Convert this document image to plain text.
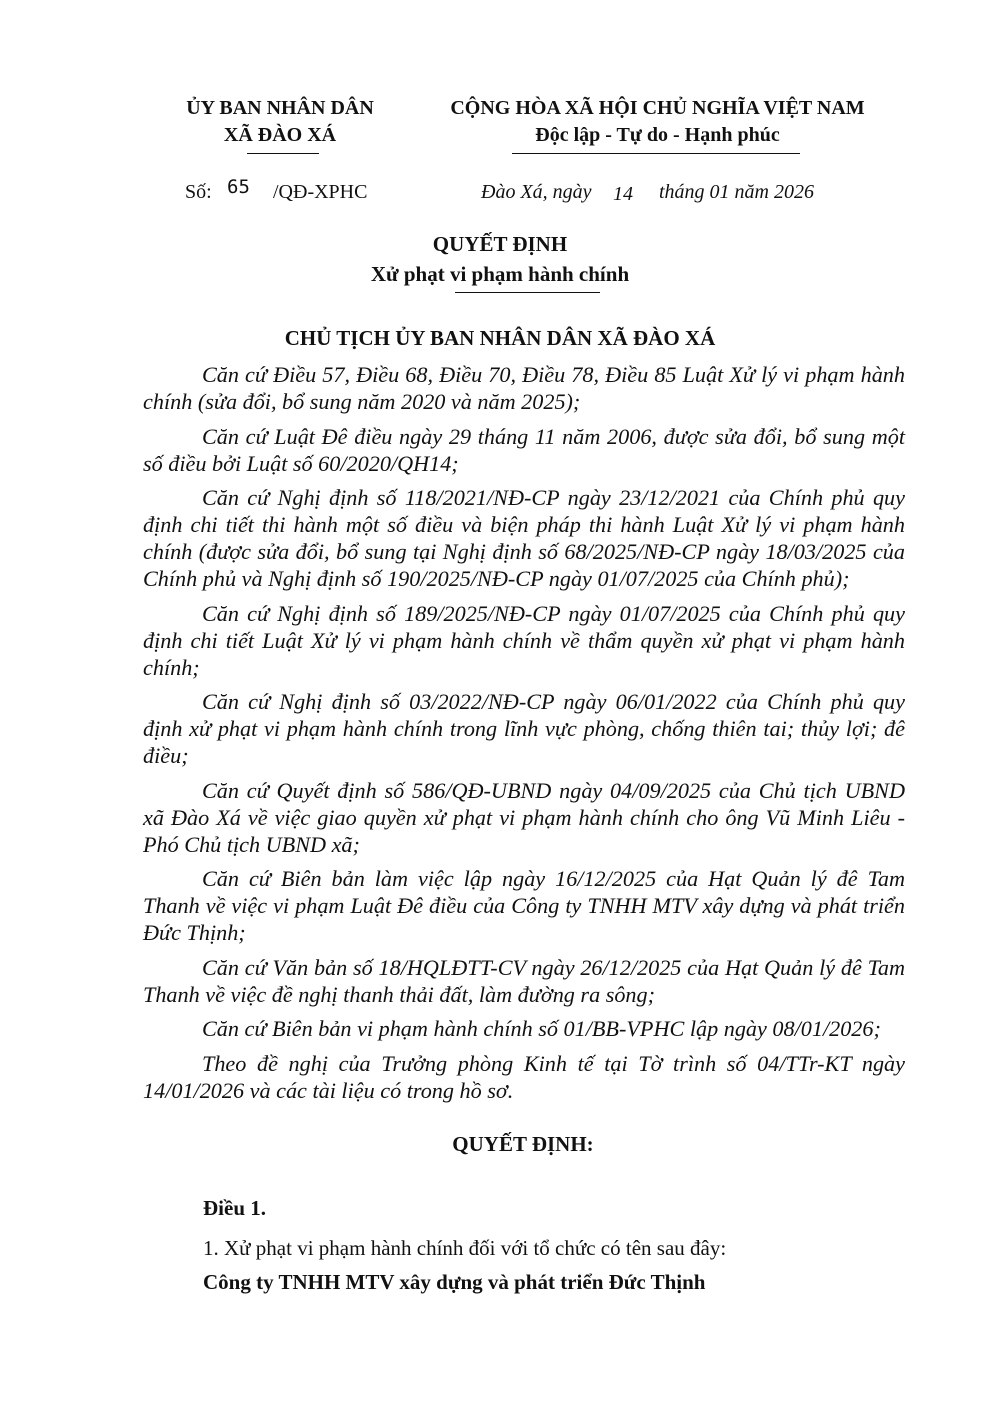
ỦY BAN NHÂN DÂN
XÃ ĐÀO XÁ
CỘNG HÒA XÃ HỘI CHỦ NGHĨA VIỆT NAM
Độc lập - Tự do - Hạnh phúc
Số: 65 /QĐ-XPHC	Đào Xá, ngày 14 tháng 01 năm 2026
QUYẾT ĐỊNH
Xử phạt vi phạm hành chính
CHỦ TỊCH ỦY BAN NHÂN DÂN XÃ ĐÀO XÁ

Căn cứ Điều 57, Điều 68, Điều 70, Điều 78, Điều 85 Luật Xử lý vi phạm hành chính (sửa đổi, bổ sung năm 2020 và năm 2025);

Căn cứ Luật Đê điều ngày 29 tháng 11 năm 2006, được sửa đổi, bổ sung một số điều bởi Luật số 60/2020/QH14;

Căn cứ Nghị định số 118/2021/NĐ-CP ngày 23/12/2021 của Chính phủ quy định chi tiết thi hành một số điều và biện pháp thi hành Luật Xử lý vi phạm hành chính (được sửa đổi, bổ sung tại Nghị định số 68/2025/NĐ-CP ngày 18/03/2025 của Chính phủ và Nghị định số 190/2025/NĐ-CP ngày 01/07/2025 của Chính phủ);

Căn cứ Nghị định số 189/2025/NĐ-CP ngày 01/07/2025 của Chính phủ quy định chi tiết Luật Xử lý vi phạm hành chính về thẩm quyền xử phạt vi phạm hành chính;

Căn cứ Nghị định số 03/2022/NĐ-CP ngày 06/01/2022 của Chính phủ quy định xử phạt vi phạm hành chính trong lĩnh vực phòng, chống thiên tai; thủy lợi; đê điều;

Căn cứ Quyết định số 586/QĐ-UBND ngày 04/09/2025 của Chủ tịch UBND xã Đào Xá về việc giao quyền xử phạt vi phạm hành chính cho ông Vũ Minh Liêu - Phó Chủ tịch UBND xã;

Căn cứ Biên bản làm việc lập ngày 16/12/2025 của Hạt Quản lý đê Tam Thanh về việc vi phạm Luật Đê điều của Công ty TNHH MTV xây dựng và phát triển Đức Thịnh;

Căn cứ Văn bản số 18/HQLĐTT-CV ngày 26/12/2025 của Hạt Quản lý đê Tam Thanh về việc đề nghị thanh thải đất, làm đường ra sông;

Căn cứ Biên bản vi phạm hành chính số 01/BB-VPHC lập ngày 08/01/2026;

Theo đề nghị của Trưởng phòng Kinh tế tại Tờ trình số 04/TTr-KT ngày 14/01/2026 và các tài liệu có trong hồ sơ.

QUYẾT ĐỊNH:
Điều 1.
1. Xử phạt vi phạm hành chính đối với tổ chức có tên sau đây:
Công ty TNHH MTV xây dựng và phát triển Đức Thịnh
